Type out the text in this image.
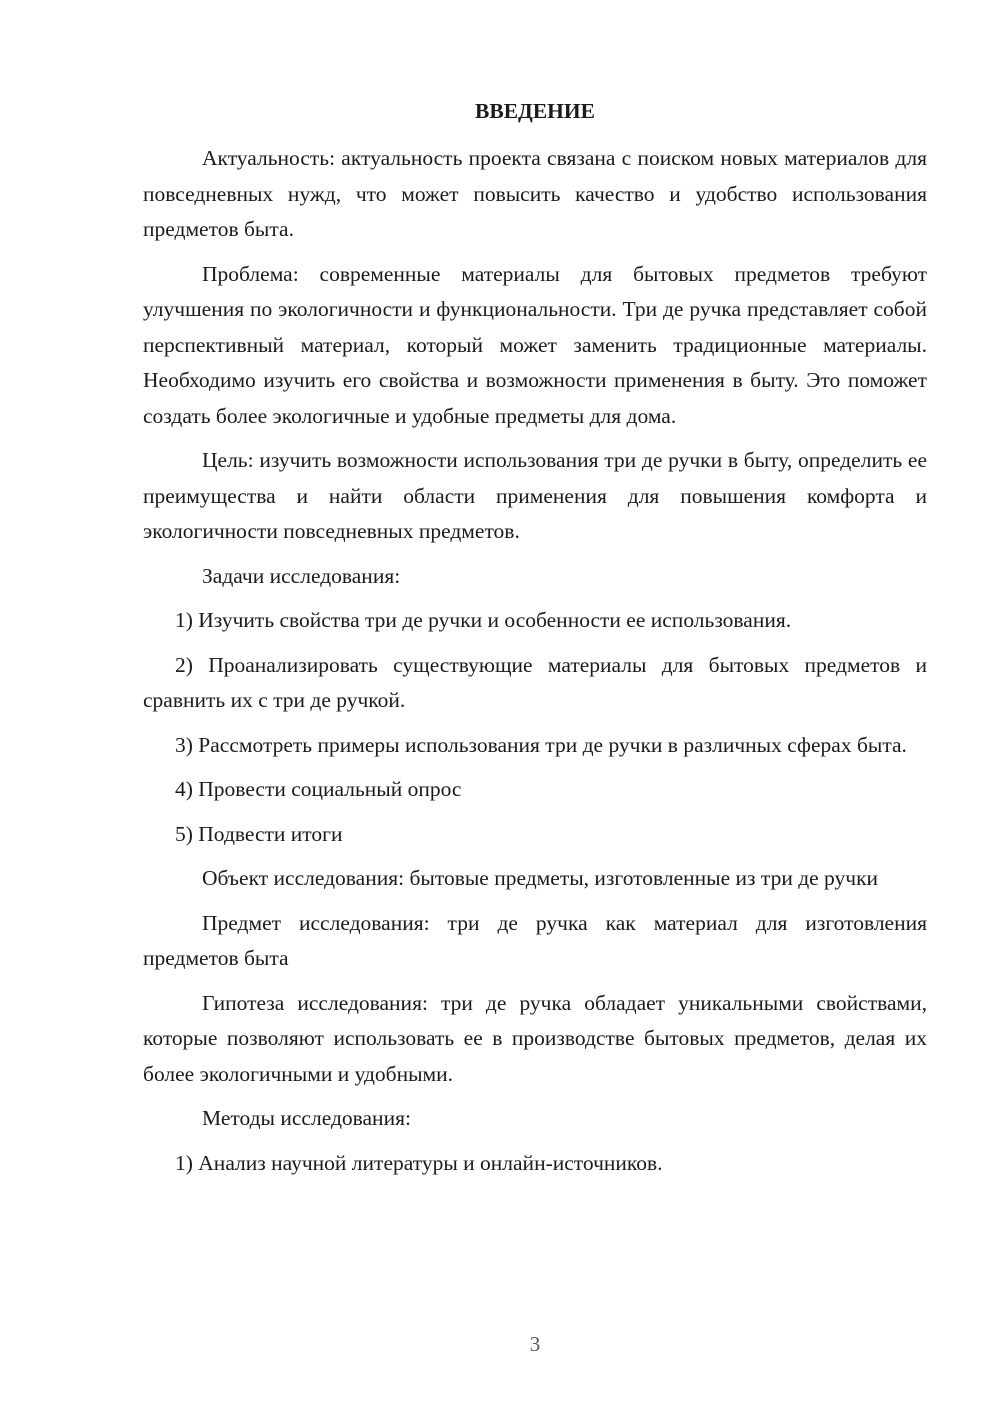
ВВЕДЕНИЕ

Актуальность: актуальность проекта связана с поиском новых материалов для повседневных нужд, что может повысить качество и удобство использования предметов быта.

Проблема: современные материалы для бытовых предметов требуют улучшения по экологичности и функциональности. Три де ручка представляет собой перспективный материал, который может заменить традиционные материалы. Необходимо изучить его свойства и возможности применения в быту. Это поможет создать более экологичные и удобные предметы для дома.

Цель: изучить возможности использования три де ручки в быту, определить ее преимущества и найти области применения для повышения комфорта и экологичности повседневных предметов.

Задачи исследования:

1) Изучить свойства три де ручки и особенности ее использования.

2) Проанализировать существующие материалы для бытовых предметов и сравнить их с три де ручкой.

3) Рассмотреть примеры использования три де ручки в различных сферах быта.

4) Провести социальный опрос

5) Подвести итоги

Объект исследования: бытовые предметы, изготовленные из три де ручки

Предмет исследования: три де ручка как материал для изготовления предметов быта

Гипотеза исследования: три де ручка обладает уникальными свойствами, которые позволяют использовать ее в производстве бытовых предметов, делая их более экологичными и удобными.

Методы исследования:

1) Анализ научной литературы и онлайн-источников.

3
